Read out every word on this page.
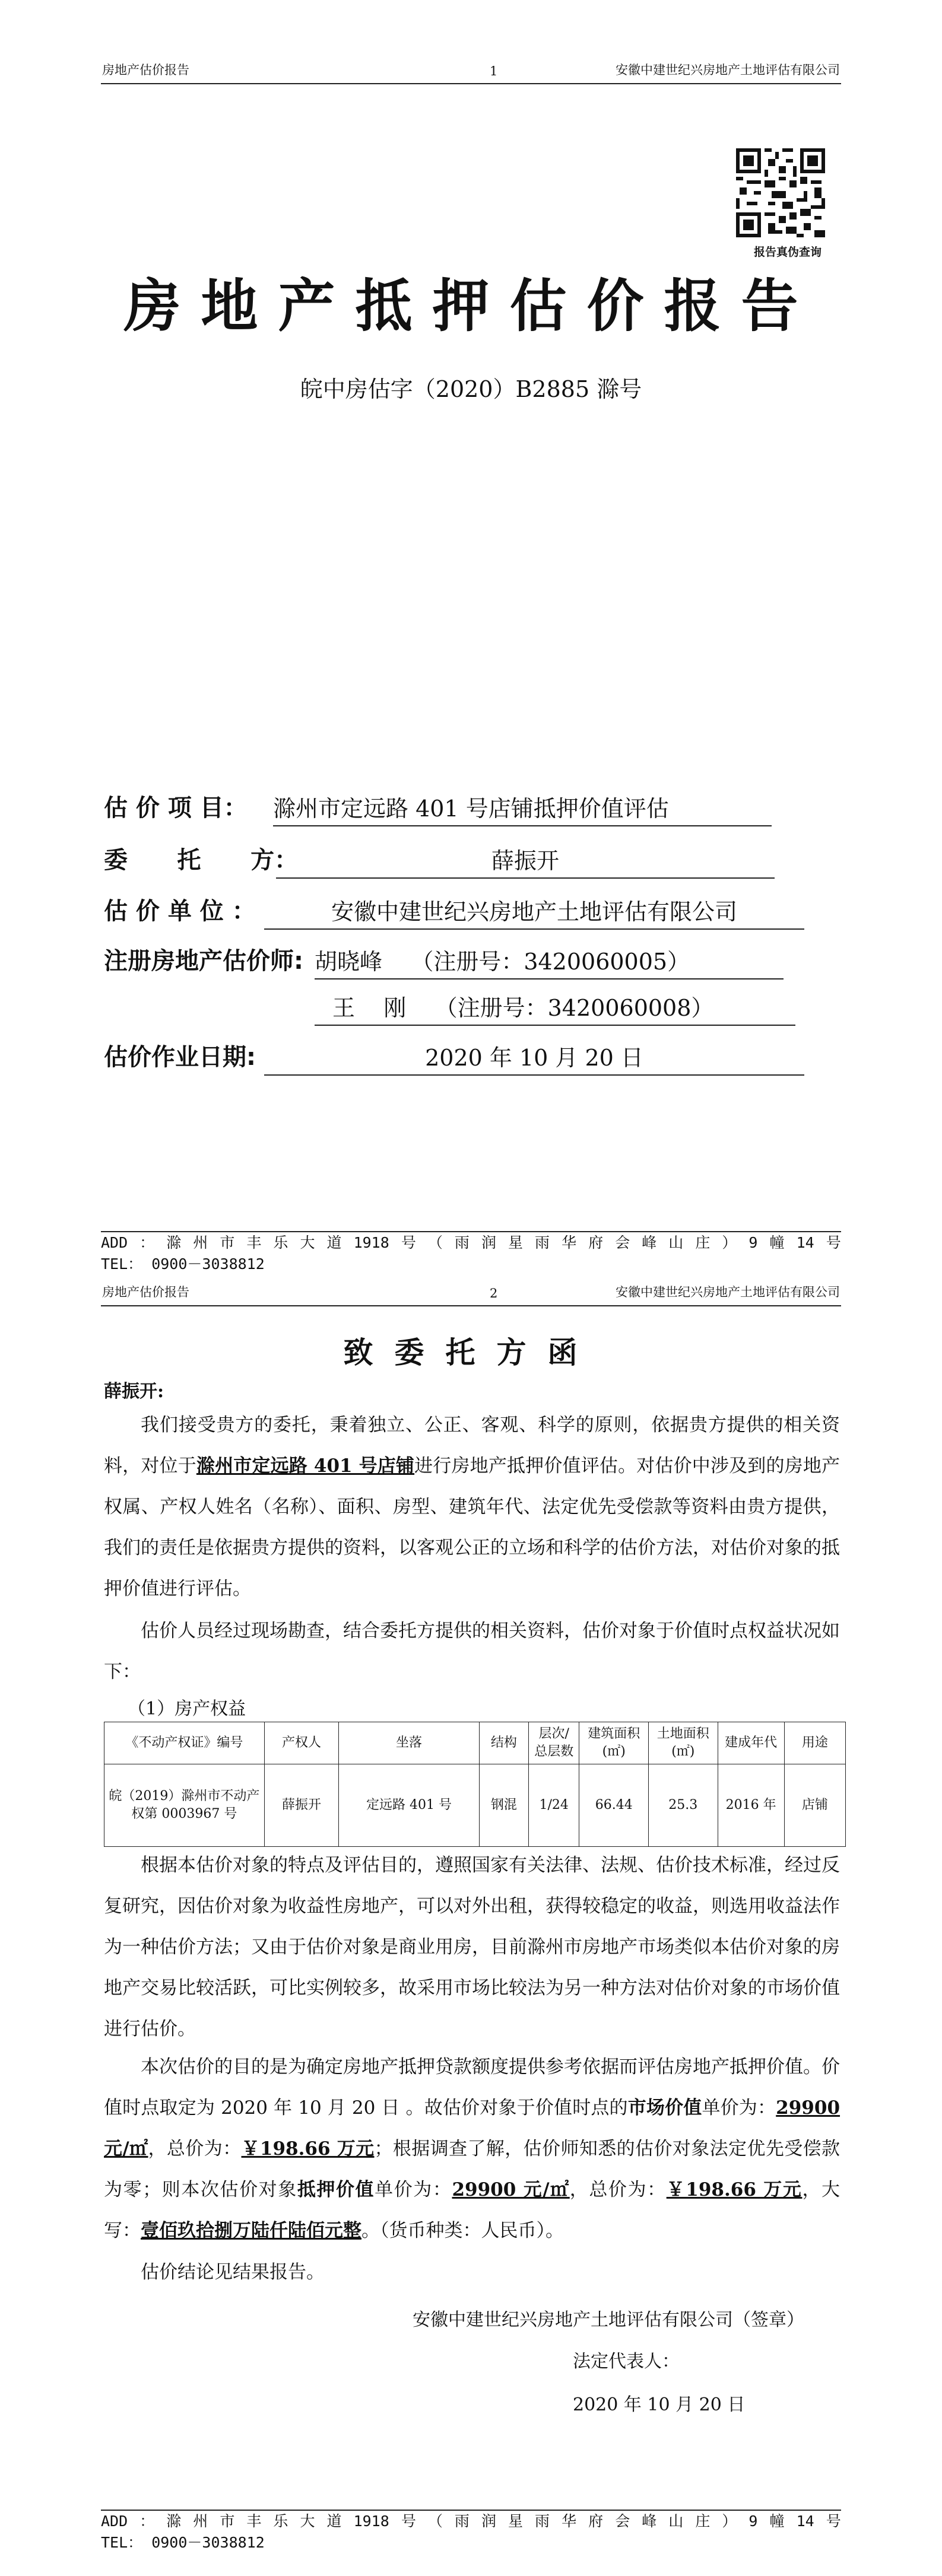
房地产估价报告	1	安徽中建世纪兴房地产土地评估有限公司
报告真伪查询
房地产抵押估价报告
皖中房估字（2020）B2885 滁号
估 价 项 目： 滁州市定远路 401 号店铺抵押价值评估
委      托      方：	薛振开
估 价 单 位 ：	安徽中建世纪兴房地产土地评估有限公司
注册房地产估价师: 胡晓峰    （注册号：3420060005）
王    刚    （注册号：3420060008）
估价作业日期:	2020 年 10 月 20 日
ADD ： 滁 州 市 丰 乐 大 道 1918 号 （ 雨 润 星 雨 华 府 会 峰 山 庄 ） 9 幢 14 号
TEL： 0900－3038812
房地产估价报告	2	安徽中建世纪兴房地产土地评估有限公司
致委托方函
薛振开:

我们接受贵方的委托，秉着独立、公正、客观、科学的原则，依据贵方提供的相关资料，对位于滁州市定远路 401 号店铺进行房地产抵押价值评估。对估价中涉及到的房地产权属、产权人姓名（名称）、面积、房型、建筑年代、法定优先受偿款等资料由贵方提供，我们的责任是依据贵方提供的资料，以客观公正的立场和科学的估价方法，对估价对象的抵押价值进行评估。

估价人员经过现场勘查，结合委托方提供的相关资料，估价对象于价值时点权益状况如下：

（1）房产权益
《不动产权证》编号	产权人	坐落	结构	层次/总层数	建筑面积(㎡)	土地面积(㎡)	建成年代	用途
皖（2019）滁州市不动产权第 0003967 号	薛振开	定远路 401 号	钢混	1/24	66.44	25.3	2016 年	店铺

根据本估价对象的特点及评估目的，遵照国家有关法律、法规、估价技术标准，经过反复研究，因估价对象为收益性房地产，可以对外出租，获得较稳定的收益，则选用收益法作为一种估价方法；又由于估价对象是商业用房，目前滁州市房地产市场类似本估价对象的房地产交易比较活跃，可比实例较多，故采用市场比较法为另一种方法对估价对象的市场价值进行估价。

本次估价的目的是为确定房地产抵押贷款额度提供参考依据而评估房地产抵押价值。价值时点取定为 2020 年 10 月 20 日 。故估价对象于价值时点的市场价值单价为：29900 元/㎡，总价为：￥198.66 万元；根据调查了解，估价师知悉的估价对象法定优先受偿款为零；则本次估价对象抵押价值单价为：29900 元/㎡，总价为：￥198.66 万元，大写：壹佰玖拾捌万陆仟陆佰元整。（货币种类：人民币）。

估价结论见结果报告。

安徽中建世纪兴房地产土地评估有限公司（签章）
法定代表人：
2020 年 10 月 20 日
ADD ： 滁 州 市 丰 乐 大 道 1918 号 （ 雨 润 星 雨 华 府 会 峰 山 庄 ） 9 幢 14 号
TEL： 0900－3038812
